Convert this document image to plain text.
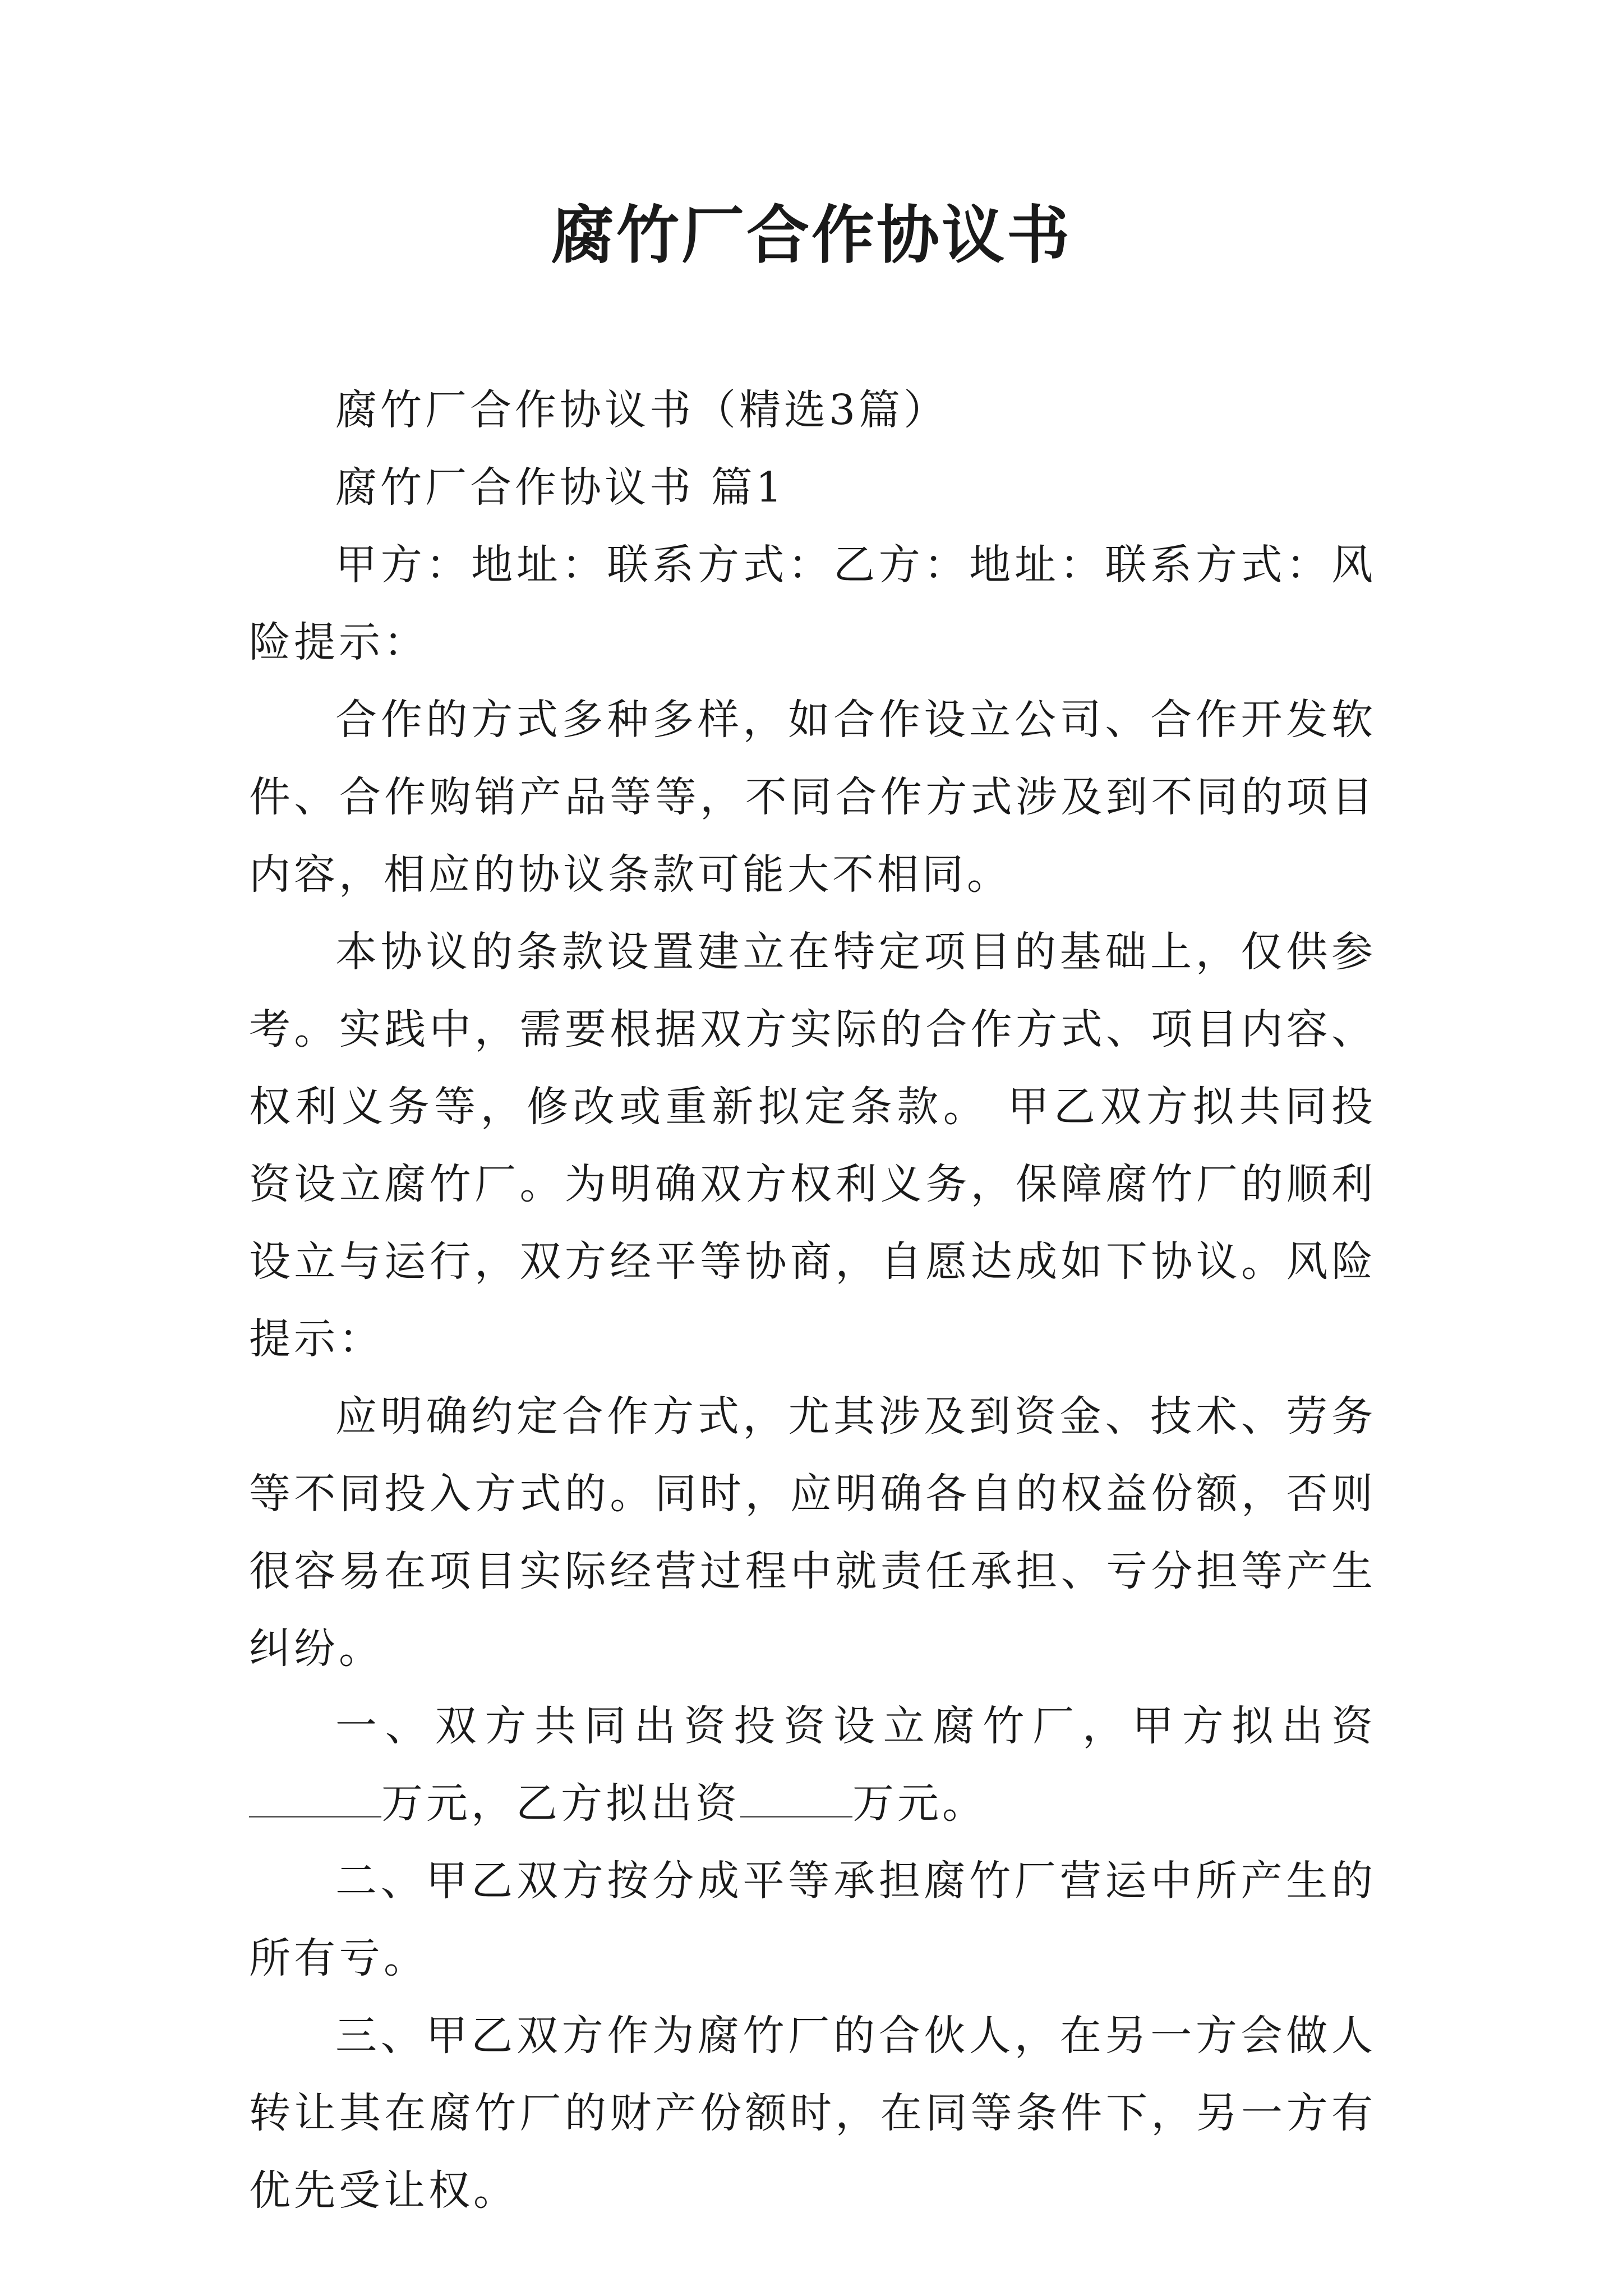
腐竹厂合作协议书

腐竹厂合作协议书（精选3篇）

腐竹厂合作协议书 篇1

甲方：地址：联系方式：乙方：地址：联系方式：风险提示：

合作的方式多种多样，如合作设立公司、合作开发软件、合作购销产品等等，不同合作方式涉及到不同的项目内容，相应的协议条款可能大不相同。

本协议的条款设置建立在特定项目的基础上，仅供参考。实践中，需要根据双方实际的合作方式、项目内容、权利义务等，修改或重新拟定条款。 甲乙双方拟共同投资设立腐竹厂。为明确双方权利义务，保障腐竹厂的顺利设立与运行，双方经平等协商，自愿达成如下协议。风险提示：

应明确约定合作方式，尤其涉及到资金、技术、劳务等不同投入方式的。同时，应明确各自的权益份额，否则很容易在项目实际经营过程中就责任承担、亏分担等产生纠纷。

一、双方共同出资投资设立腐竹厂，甲方拟出资万元，乙方拟出资	万元。

二、甲乙双方按分成平等承担腐竹厂营运中所产生的所有亏。

三、甲乙双方作为腐竹厂的合伙人，在另一方会做人转让其在腐竹厂的财产份额时，在同等条件下，另一方有优先受让权。
